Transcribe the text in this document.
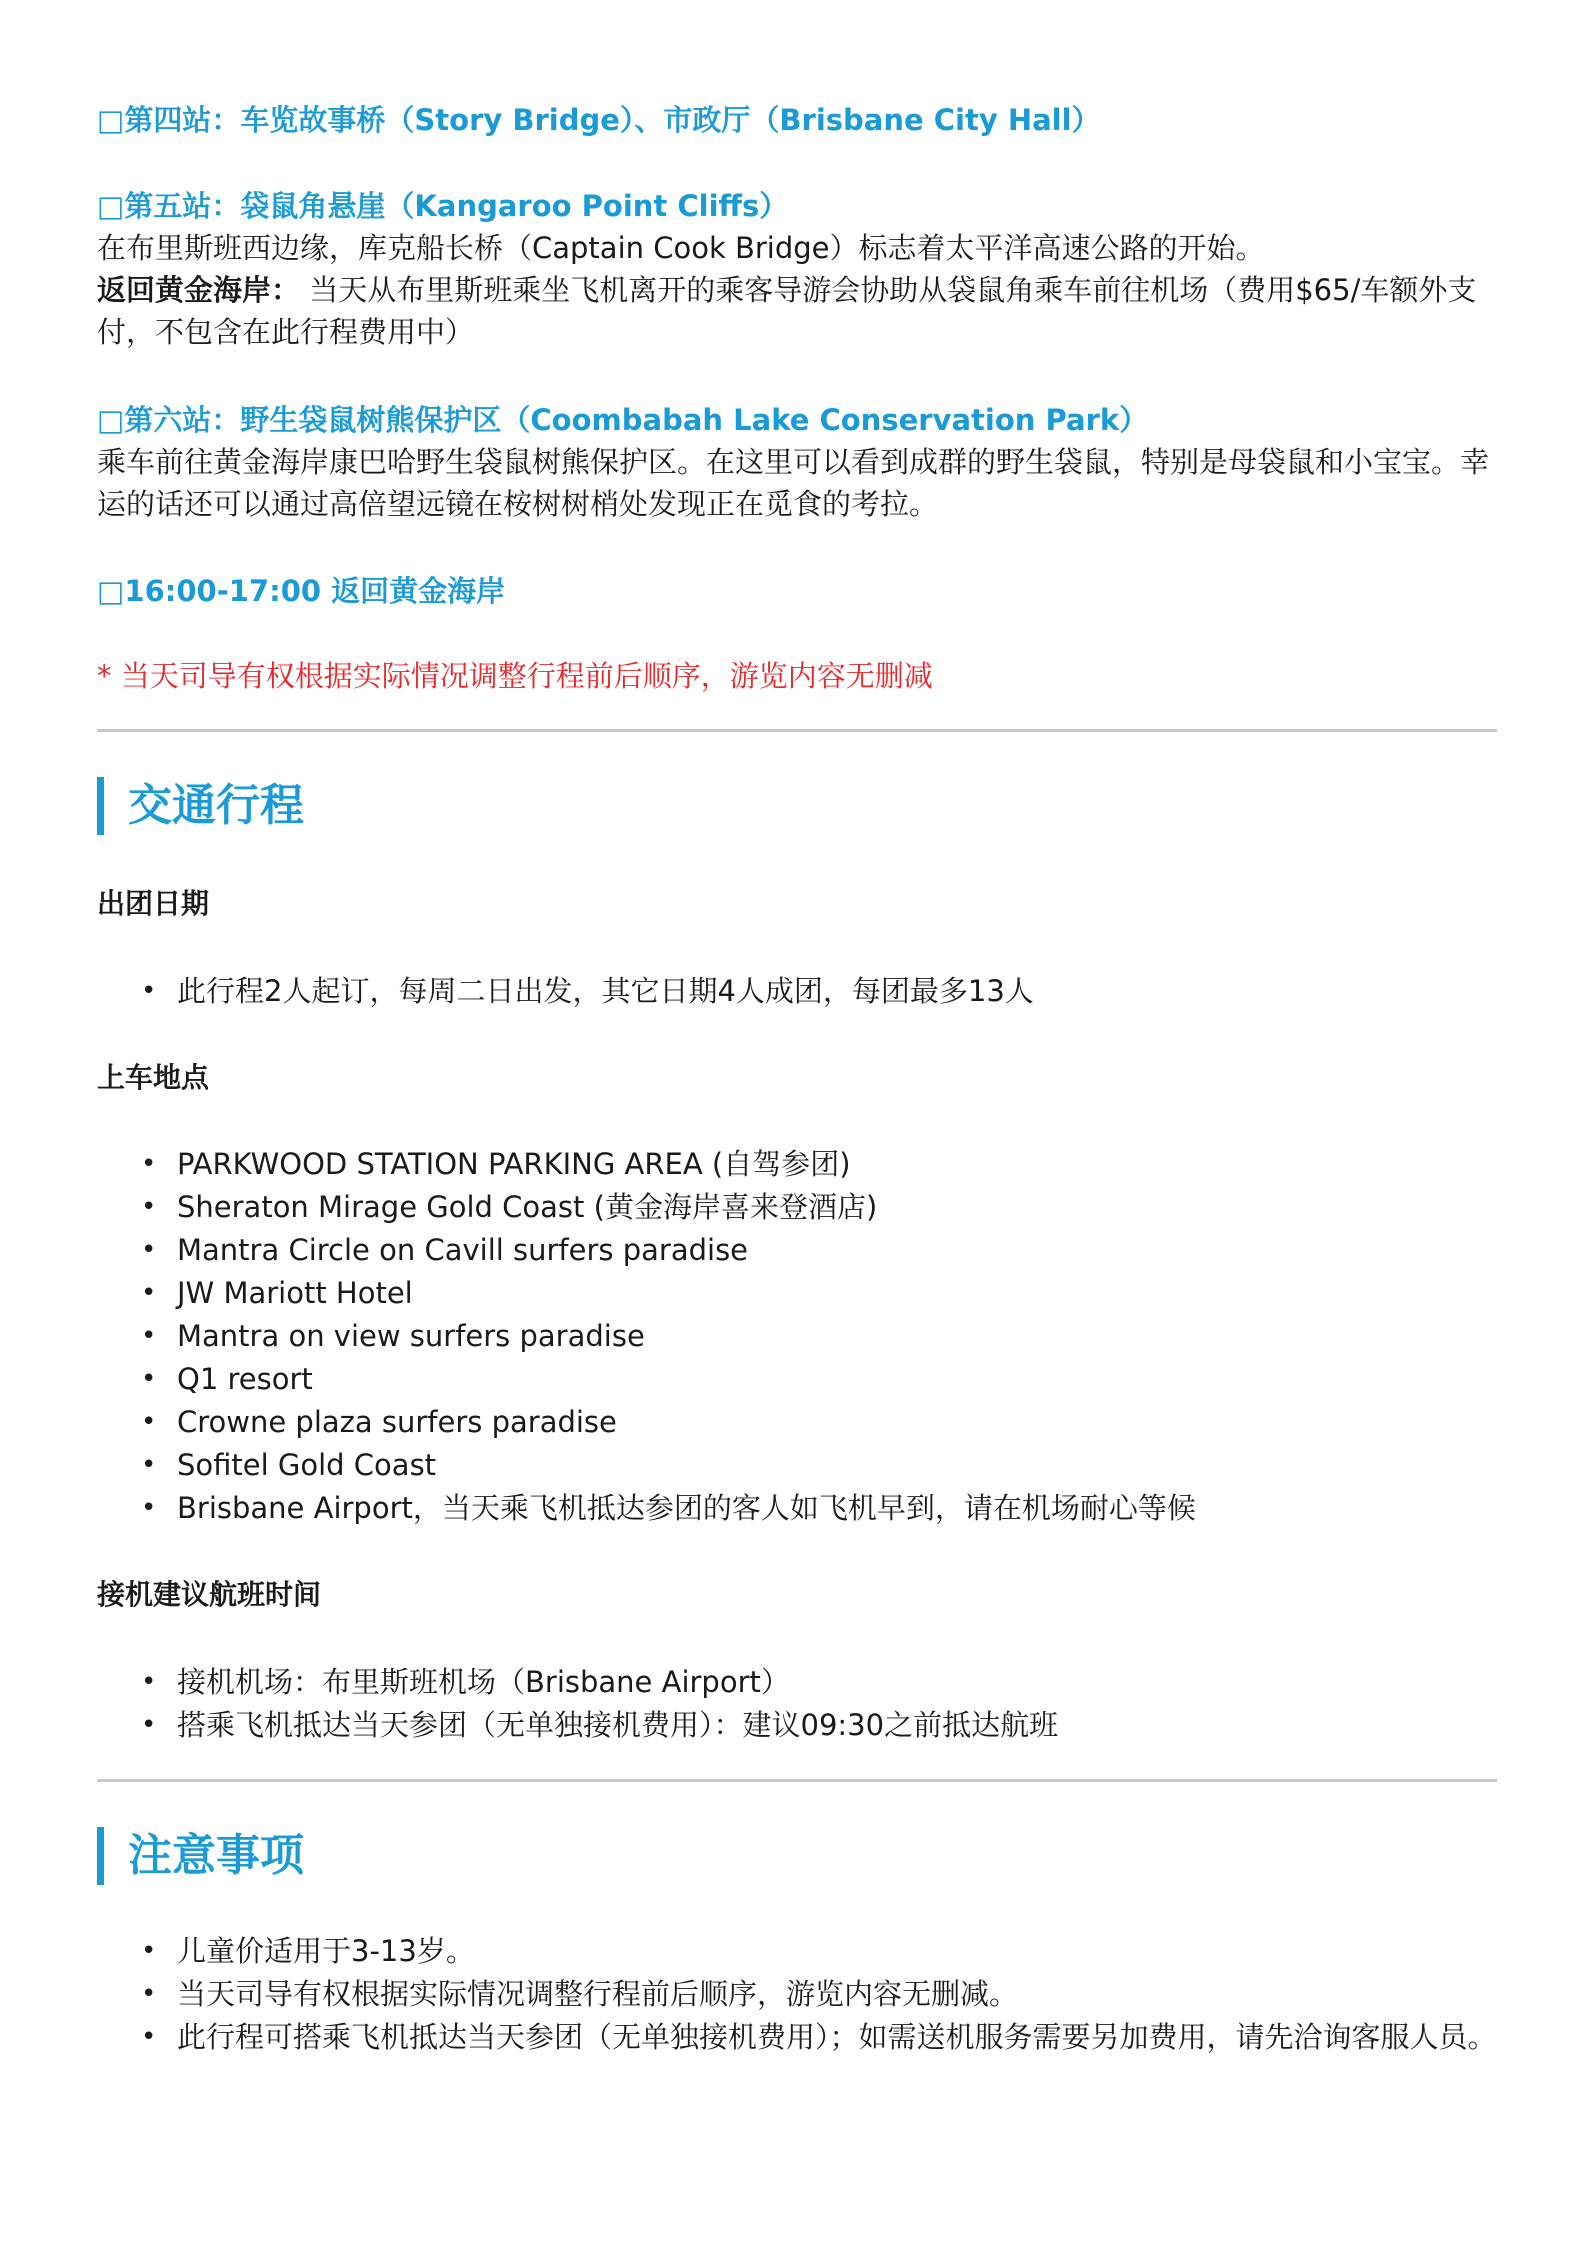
□第四站：车览故事桥（Story Bridge）、市政厅（Brisbane City Hall）
□第五站：袋鼠角悬崖（Kangaroo Point Cliffs）
在布里斯班西边缘，库克船长桥（Captain Cook Bridge）标志着太平洋高速公路的开始。
返回黄金海岸： 当天从布里斯班乘坐飞机离开的乘客导游会协助从袋鼠角乘车前往机场（费用$65/车额外支付，不包含在此行程费用中）
□第六站：野生袋鼠树熊保护区（Coombabah Lake Conservation Park）
乘车前往黄金海岸康巴哈野生袋鼠树熊保护区。在这里可以看到成群的野生袋鼠，特别是母袋鼠和小宝宝。幸运的话还可以通过高倍望远镜在桉树树梢处发现正在觅食的考拉。
□16:00-17:00 返回黄金海岸
* 当天司导有权根据实际情况调整行程前后顺序，游览内容无删减
交通行程
出团日期
• 此行程2人起订，每周二日出发，其它日期4人成团，每团最多13人
上车地点
• PARKWOOD STATION PARKING AREA (自驾参团)
• Sheraton Mirage Gold Coast (黄金海岸喜来登酒店)
• Mantra Circle on Cavill surfers paradise
• JW Mariott Hotel
• Mantra on view surfers paradise
• Q1 resort
• Crowne plaza surfers paradise
• Sofitel Gold Coast
• Brisbane Airport，当天乘飞机抵达参团的客人如飞机早到，请在机场耐心等候
接机建议航班时间
• 接机机场：布里斯班机场（Brisbane Airport）
• 搭乘飞机抵达当天参团（无单独接机费用）：建议09:30之前抵达航班
注意事项
• 儿童价适用于3-13岁。
• 当天司导有权根据实际情况调整行程前后顺序，游览内容无删减。
• 此行程可搭乘飞机抵达当天参团（无单独接机费用）；如需送机服务需要另加费用，请先洽询客服人员。
